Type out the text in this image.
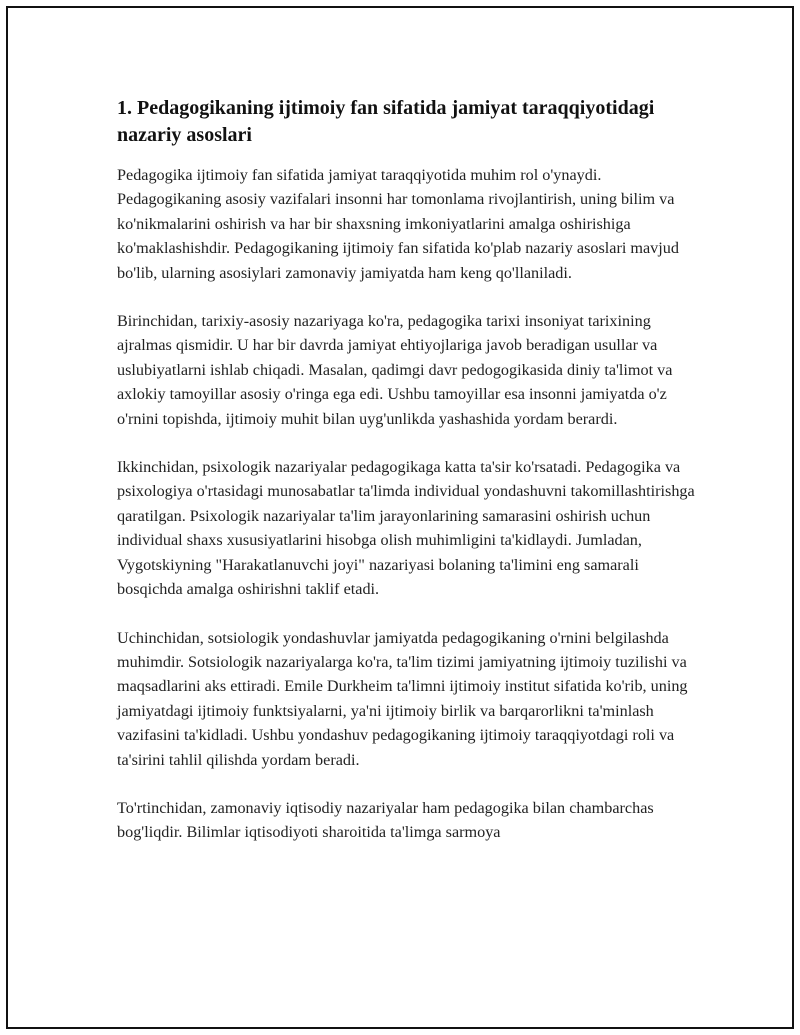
1. Pedagogikaning ijtimoiy fan sifatida jamiyat taraqqiyotidagi nazariy asoslari

Pedagogika ijtimoiy fan sifatida jamiyat taraqqiyotida muhim rol o'ynaydi. Pedagogikaning asosiy vazifalari insonni har tomonlama rivojlantirish, uning bilim va ko'nikmalarini oshirish va har bir shaxsning imkoniyatlarini amalga oshirishiga ko'maklashishdir. Pedagogikaning ijtimoiy fan sifatida ko'plab nazariy asoslari mavjud bo'lib, ularning asosiylari zamonaviy jamiyatda ham keng qo'llaniladi.

Birinchidan, tarixiy-asosiy nazariyaga ko'ra, pedagogika tarixi insoniyat tarixining ajralmas qismidir. U har bir davrda jamiyat ehtiyojlariga javob beradigan usullar va uslubiyatlarni ishlab chiqadi. Masalan, qadimgi davr pedogogikasida diniy ta'limot va axlokiy tamoyillar asosiy o'ringa ega edi. Ushbu tamoyillar esa insonni jamiyatda o'z o'rnini topishda, ijtimoiy muhit bilan uyg'unlikda yashashida yordam berardi.

Ikkinchidan, psixologik nazariyalar pedagogikaga katta ta'sir ko'rsatadi. Pedagogika va psixologiya o'rtasidagi munosabatlar ta'limda individual yondashuvni takomillashtirishga qaratilgan. Psixologik nazariyalar ta'lim jarayonlarining samarasini oshirish uchun individual shaxs xususiyatlarini hisobga olish muhimligini ta'kidlaydi. Jumladan, Vygotskiyning "Harakatlanuvchi joyi" nazariyasi bolaning ta'limini eng samarali bosqichda amalga oshirishni taklif etadi.

Uchinchidan, sotsiologik yondashuvlar jamiyatda pedagogikaning o'rnini belgilashda muhimdir. Sotsiologik nazariyalarga ko'ra, ta'lim tizimi jamiyatning ijtimoiy tuzilishi va maqsadlarini aks ettiradi. Emile Durkheim ta'limni ijtimoiy institut sifatida ko'rib, uning jamiyatdagi ijtimoiy funktsiyalarni, ya'ni ijtimoiy birlik va barqarorlikni ta'minlash vazifasini ta'kidladi. Ushbu yondashuv pedagogikaning ijtimoiy taraqqiyotdagi roli va ta'sirini tahlil qilishda yordam beradi.

To'rtinchidan, zamonaviy iqtisodiy nazariyalar ham pedagogika bilan chambarchas bog'liqdir. Bilimlar iqtisodiyoti sharoitida ta'limga sarmoya
